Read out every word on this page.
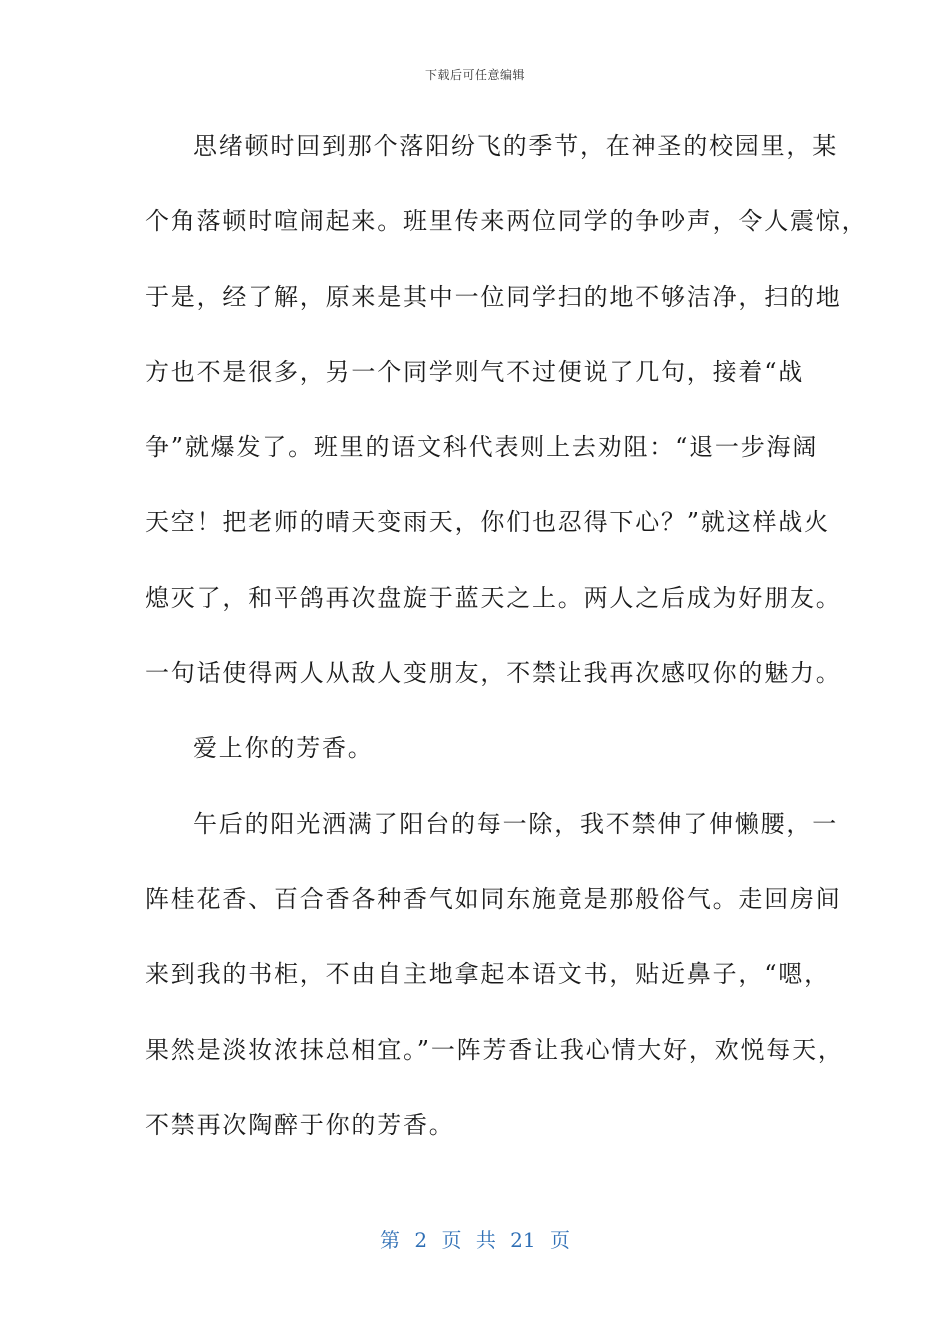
下载后可任意编辑
思绪顿时回到那个落阳纷飞的季节，在神圣的校园里，某
个角落顿时喧闹起来。班里传来两位同学的争吵声，令人震惊，
于是，经了解，原来是其中一位同学扫的地不够洁净，扫的地
方也不是很多，另一个同学则气不过便说了几句，接着“战
争”就爆发了。班里的语文科代表则上去劝阻：“退一步海阔
天空！把老师的晴天变雨天，你们也忍得下心？”就这样战火
熄灭了，和平鸽再次盘旋于蓝天之上。两人之后成为好朋友。
一句话使得两人从敌人变朋友，不禁让我再次感叹你的魅力。
爱上你的芳香。
午后的阳光洒满了阳台的每一除，我不禁伸了伸懒腰，一
阵桂花香、百合香各种香气如同东施竟是那般俗气。走回房间
来到我的书柜，不由自主地拿起本语文书，贴近鼻子，“嗯，
果然是淡妆浓抹总相宜。”一阵芳香让我心情大好，欢悦每天，
不禁再次陶醉于你的芳香。
第 2 页 共 21 页
